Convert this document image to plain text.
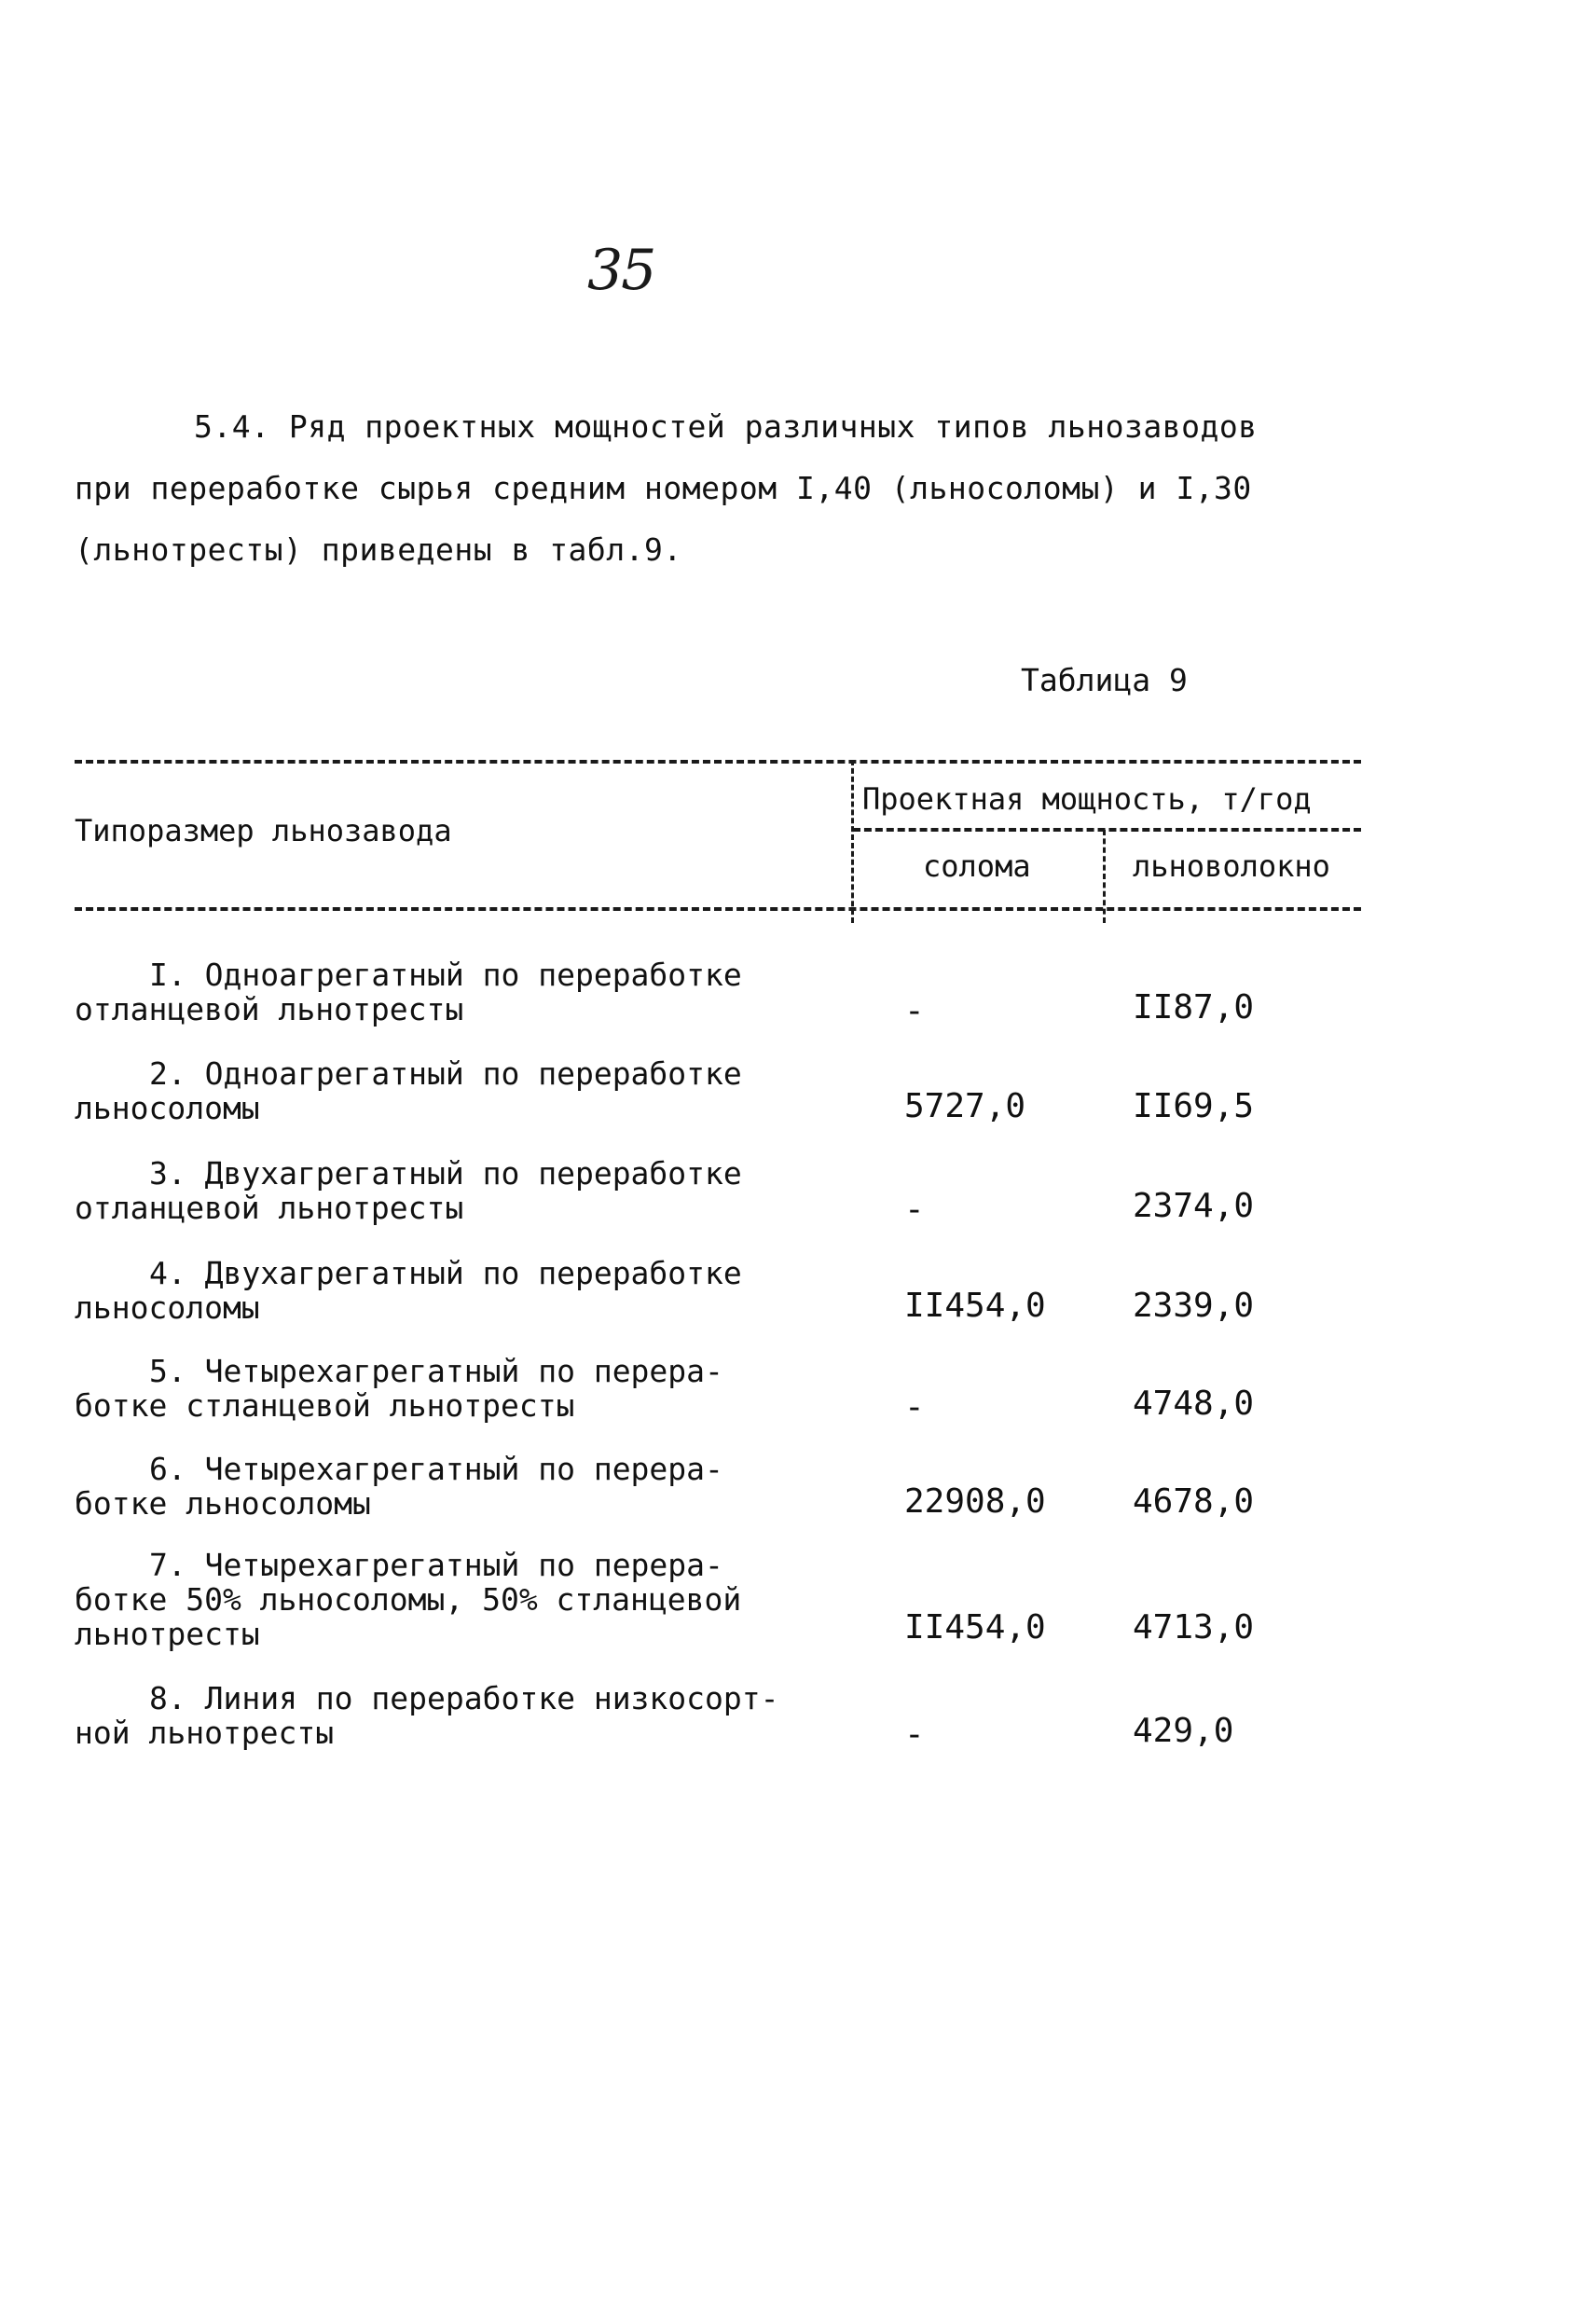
35
5.4. Ряд проектных мощностей различных типов льнозаводов
при переработке сырья средним номером I,40 (льносоломы) и I,30
(льнотресты) приведены в табл.9.
Таблица 9
Типоразмер льнозавода
Проектная мощность, т/год
солома	льноволокно
I. Одноагрегатный по переработке
отланцевой льнотресты	-	II87,0
2. Одноагрегатный по переработке
льносоломы	5727,0	II69,5
3. Двухагрегатный по переработке
отланцевой льнотресты	-	2374,0
4. Двухагрегатный по переработке
льносоломы	II454,0	2339,0
5. Четырехагрегатный по перера-
ботке стланцевой льнотресты	-	4748,0
6. Четырехагрегатный по перера-
ботке льносоломы	22908,0	4678,0
7. Четырехагрегатный по перера-
ботке 50% льносоломы, 50% стланцевой
льнотресты	II454,0	4713,0
8. Линия по переработке низкосорт-
ной льнотресты	-	429,0
